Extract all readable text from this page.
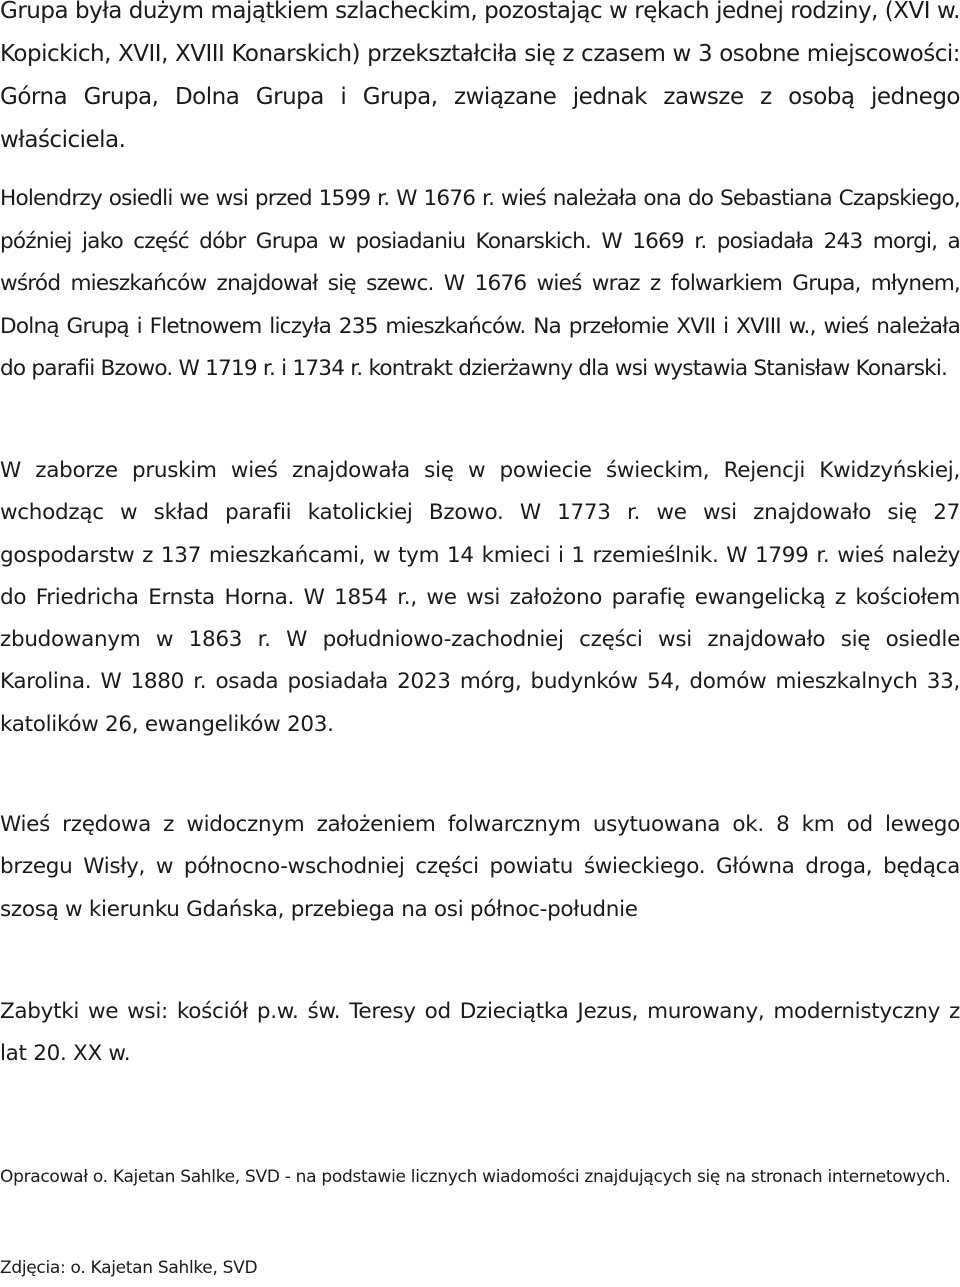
Grupa była dużym majątkiem szlacheckim, pozostając w rękach jednej rodziny, (XVI w. Kopickich, XVII, XVIII Konarskich) przekształciła się z czasem w 3 osobne miejscowości: Górna Grupa, Dolna Grupa i Grupa, związane jednak zawsze z osobą jednego właściciela.

Holendrzy osiedli we wsi przed 1599 r. W 1676 r. wieś należała ona do Sebastiana Czapskiego, później jako część dóbr Grupa w posiadaniu Konarskich. W 1669 r. posiadała 243 morgi, a wśród mieszkańców znajdował się szewc. W 1676 wieś wraz z folwarkiem Grupa, młynem, Dolną Grupą i Fletnowem liczyła 235 mieszkańców. Na przełomie XVII i XVIII w., wieś należała do parafii Bzowo. W 1719 r. i 1734 r. kontrakt dzierżawny dla wsi wystawia Stanisław Konarski.

W zaborze pruskim wieś znajdowała się w powiecie świeckim, Rejencji Kwidzyńskiej, wchodząc w skład parafii katolickiej Bzowo. W 1773 r. we wsi znajdowało się 27 gospodarstw z 137 mieszkańcami, w tym 14 kmieci i 1 rzemieślnik. W 1799 r. wieś należy do Friedricha Ernsta Horna. W 1854 r., we wsi założono parafię ewangelicką z kościołem zbudowanym w 1863 r. W południowo-zachodniej części wsi znajdowało się osiedle Karolina. W 1880 r. osada posiadała 2023 mórg, budynków 54, domów mieszkalnych 33, katolików 26, ewangelików 203.

Wieś rzędowa z widocznym założeniem folwarcznym usytuowana ok. 8 km od lewego brzegu Wisły, w północno-wschodniej części powiatu świeckiego. Główna droga, będąca szosą w kierunku Gdańska, przebiega na osi północ-południe

Zabytki we wsi: kościół p.w. św. Teresy od Dzieciątka Jezus, murowany, modernistyczny z lat 20. XX w.

Opracował o. Kajetan Sahlke, SVD - na podstawie licznych wiadomości znajdujących się na stronach internetowych.

Zdjęcia: o. Kajetan Sahlke, SVD
